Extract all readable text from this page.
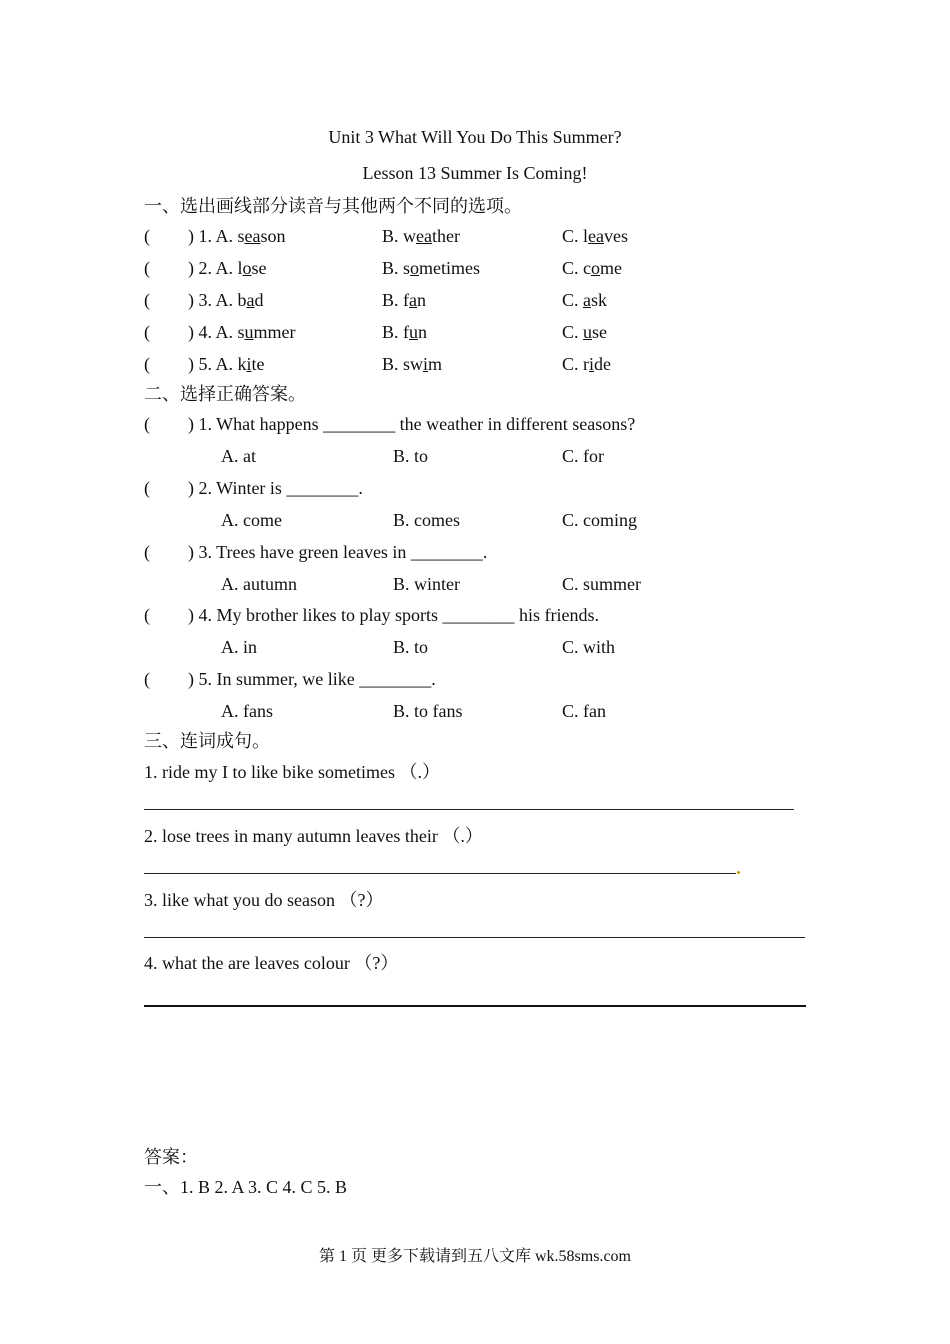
Unit 3 What Will You Do This Summer?
Lesson 13 Summer Is Coming!
一、选出画线部分读音与其他两个不同的选项。
( ) 1. A. season	B. weather	C. leaves
( ) 2. A. lose	B. sometimes	C. come
( ) 3. A. bad	B. fan	C. ask
( ) 4. A. summer	B. fun	C. use
( ) 5. A. kite	B. swim	C. ride
二、选择正确答案。
( ) 1. What happens ________ the weather in different seasons?
A. at	B. to	C. for
( ) 2. Winter is ________.
A. come	B. comes	C. coming
( ) 3. Trees have green leaves in ________.
A. autumn	B. winter	C. summer
( ) 4. My brother likes to play sports ________ his friends.
A. in	B. to	C. with
( ) 5. In summer, we like ________.
A. fans	B. to fans	C. fan
三、连词成句。
1. ride my I to like bike sometimes （.）
2. lose trees in many autumn leaves their （.）
3. like what you do season （?）
4. what the are leaves colour （?）
答案：
一、1. B 2. A 3. C 4. C 5. B
第 1 页 更多下载请到五八文库 wk.58sms.com
